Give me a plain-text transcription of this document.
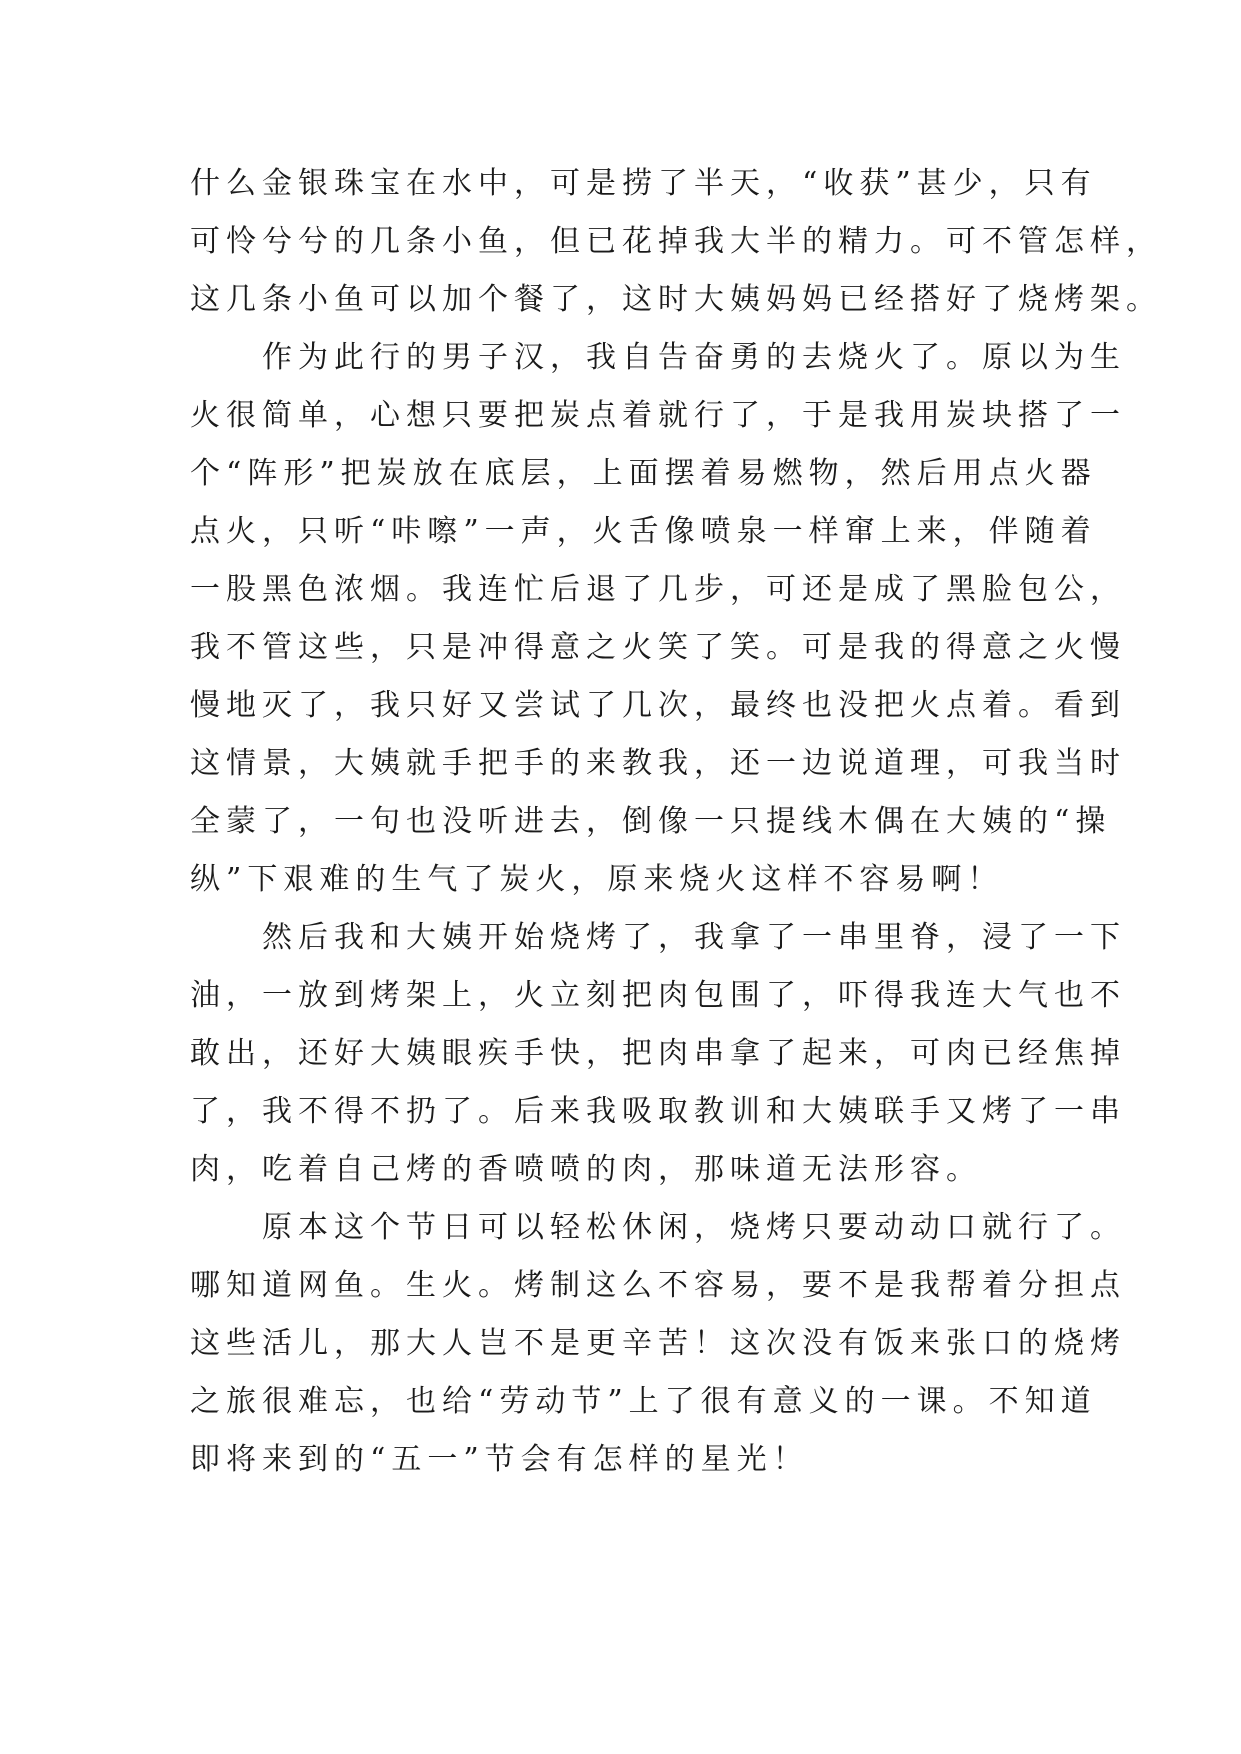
什么金银珠宝在水中，可是捞了半天，“收获”甚少，只有
可怜兮兮的几条小鱼，但已花掉我大半的精力。可不管怎样，
这几条小鱼可以加个餐了，这时大姨妈妈已经搭好了烧烤架。
作为此行的男子汉，我自告奋勇的去烧火了。原以为生
火很简单，心想只要把炭点着就行了，于是我用炭块搭了一
个“阵形”把炭放在底层，上面摆着易燃物，然后用点火器
点火，只听“咔嚓”一声，火舌像喷泉一样窜上来，伴随着
一股黑色浓烟。我连忙后退了几步，可还是成了黑脸包公，
我不管这些，只是冲得意之火笑了笑。可是我的得意之火慢
慢地灭了，我只好又尝试了几次，最终也没把火点着。看到
这情景，大姨就手把手的来教我，还一边说道理，可我当时
全蒙了，一句也没听进去，倒像一只提线木偶在大姨的“操
纵”下艰难的生气了炭火，原来烧火这样不容易啊！
然后我和大姨开始烧烤了，我拿了一串里脊，浸了一下
油，一放到烤架上，火立刻把肉包围了，吓得我连大气也不
敢出，还好大姨眼疾手快，把肉串拿了起来，可肉已经焦掉
了，我不得不扔了。后来我吸取教训和大姨联手又烤了一串
肉，吃着自己烤的香喷喷的肉，那味道无法形容。
原本这个节日可以轻松休闲，烧烤只要动动口就行了。
哪知道网鱼。生火。烤制这么不容易，要不是我帮着分担点
这些活儿，那大人岂不是更辛苦！这次没有饭来张口的烧烤
之旅很难忘，也给“劳动节”上了很有意义的一课。不知道
即将来到的“五一”节会有怎样的星光！
